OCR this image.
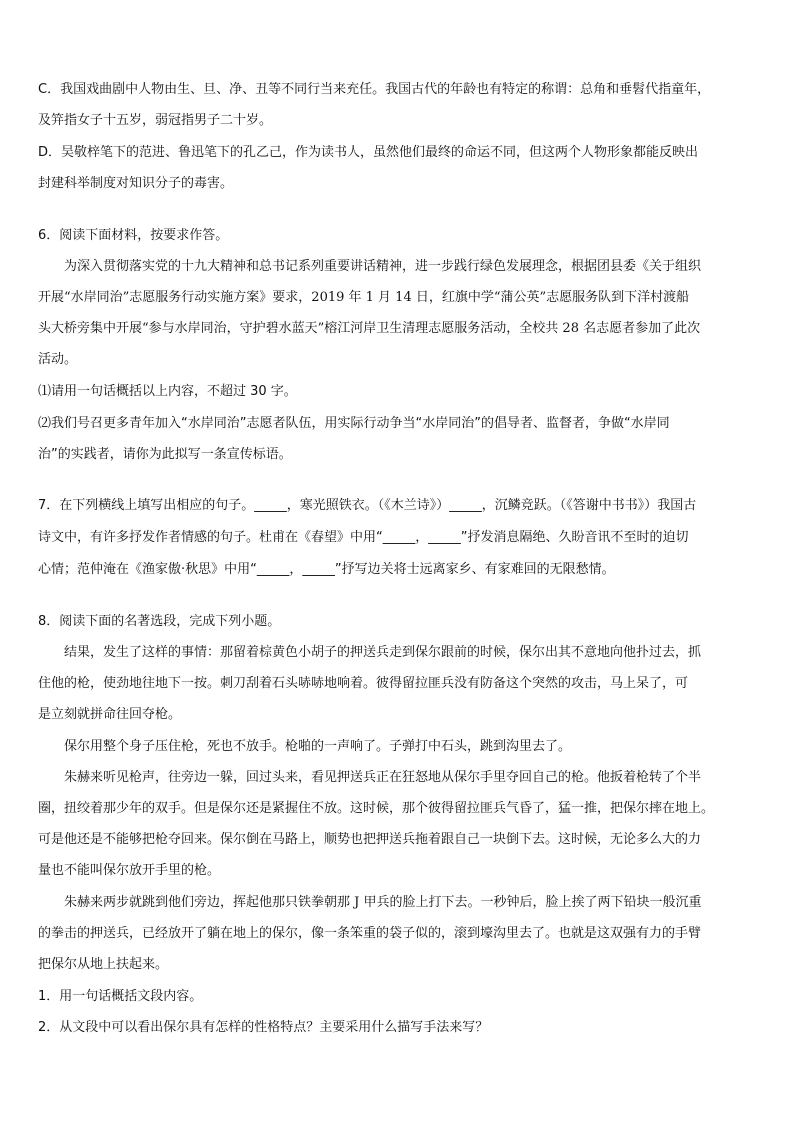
C．我国戏曲剧中人物由生、旦、净、丑等不同行当来充任。我国古代的年龄也有特定的称谓：总角和垂髫代指童年，

及笄指女子十五岁，弱冠指男子二十岁。

D．吴敬梓笔下的范进、鲁迅笔下的孔乙己，作为读书人，虽然他们最终的命运不同，但这两个人物形象都能反映出

封建科举制度对知识分子的毒害。

6．阅读下面材料，按要求作答。

为深入贯彻落实党的十九大精神和总书记系列重要讲话精神，进一步践行绿色发展理念，根据团县委《关于组织

开展“水岸同治”志愿服务行动实施方案》要求，2019 年 1 月 14 日，红旗中学“蒲公英”志愿服务队到下洋村渡船

头大桥旁集中开展“参与水岸同治，守护碧水蓝天”榕江河岸卫生清理志愿服务活动，全校共 28 名志愿者参加了此次

活动。

⑴请用一句话概括以上内容，不超过 30 字。

⑵我们号召更多青年加入“水岸同治”志愿者队伍，用实际行动争当“水岸同治”的倡导者、监督者，争做“水岸同

治”的实践者，请你为此拟写一条宣传标语。

7．在下列横线上填写出相应的句子。_____，寒光照铁衣。（《木兰诗》）_____，沉鳞竞跃。（《答谢中书书》）我国古

诗文中，有许多抒发作者情感的句子。杜甫在《春望》中用“_____，_____”抒发消息隔绝、久盼音讯不至时的迫切

心情；范仲淹在《渔家傲·秋思》中用“_____，_____”抒写边关将士远离家乡、有家难回的无限愁情。

8．阅读下面的名著选段，完成下列小题。

结果，发生了这样的事情：那留着棕黄色小胡子的押送兵走到保尔跟前的时候，保尔出其不意地向他扑过去，抓

住他的枪，使劲地往地下一按。刺刀刮着石头哧哧地响着。彼得留拉匪兵没有防备这个突然的攻击，马上呆了，可

是立刻就拼命往回夺枪。

保尔用整个身子压住枪，死也不放手。枪啪的一声响了。子弹打中石头，跳到沟里去了。

朱赫来听见枪声，往旁边一躲，回过头来，看见押送兵正在狂怒地从保尔手里夺回自己的枪。他扳着枪转了个半

圈，扭绞着那少年的双手。但是保尔还是紧握住不放。这时候，那个彼得留拉匪兵气昏了，猛一推，把保尔摔在地上。

可是他还是不能够把枪夺回来。保尔倒在马路上，顺势也把押送兵拖着跟自己一块倒下去。这时候，无论多么大的力

量也不能叫保尔放开手里的枪。

朱赫来两步就跳到他们旁边，挥起他那只铁拳朝那 J 甲兵的脸上打下去。一秒钟后，脸上挨了两下铅块一般沉重

的拳击的押送兵，已经放开了躺在地上的保尔，像一条笨重的袋子似的，滚到壕沟里去了。也就是这双强有力的手臂

把保尔从地上扶起来。

1．用一句话概括文段内容。

2．从文段中可以看出保尔具有怎样的性格特点？主要采用什么描写手法来写？
